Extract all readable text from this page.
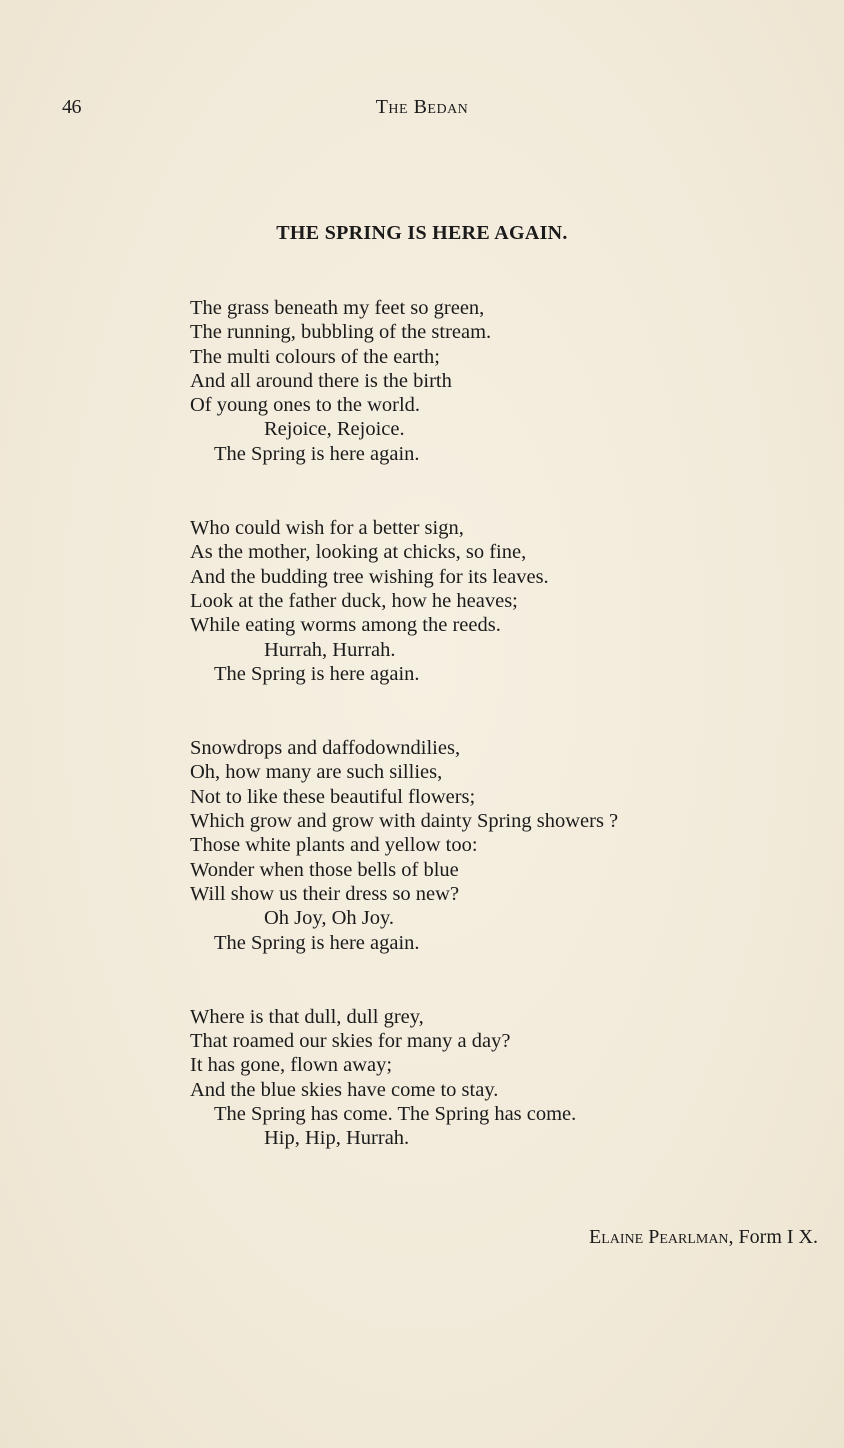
46	The Bedan
THE SPRING IS HERE AGAIN.
The grass beneath my feet so green,
The running, bubbling of the stream.
The multi colours of the earth;
And all around there is the birth
Of young ones to the world.
Rejoice, Rejoice.
The Spring is here again.
Who could wish for a better sign,
As the mother, looking at chicks, so fine,
And the budding tree wishing for its leaves.
Look at the father duck, how he heaves;
While eating worms among the reeds.
Hurrah, Hurrah.
The Spring is here again.
Snowdrops and daffodowndilies,
Oh, how many are such sillies,
Not to like these beautiful flowers;
Which grow and grow with dainty Spring showers ?
Those white plants and yellow too:
Wonder when those bells of blue
Will show us their dress so new?
Oh Joy, Oh Joy.
The Spring is here again.
Where is that dull, dull grey,
That roamed our skies for many a day?
It has gone, flown away;
And the blue skies have come to stay.
The Spring has come. The Spring has come.
Hip, Hip, Hurrah.
Elaine Pearlman, Form I X.
